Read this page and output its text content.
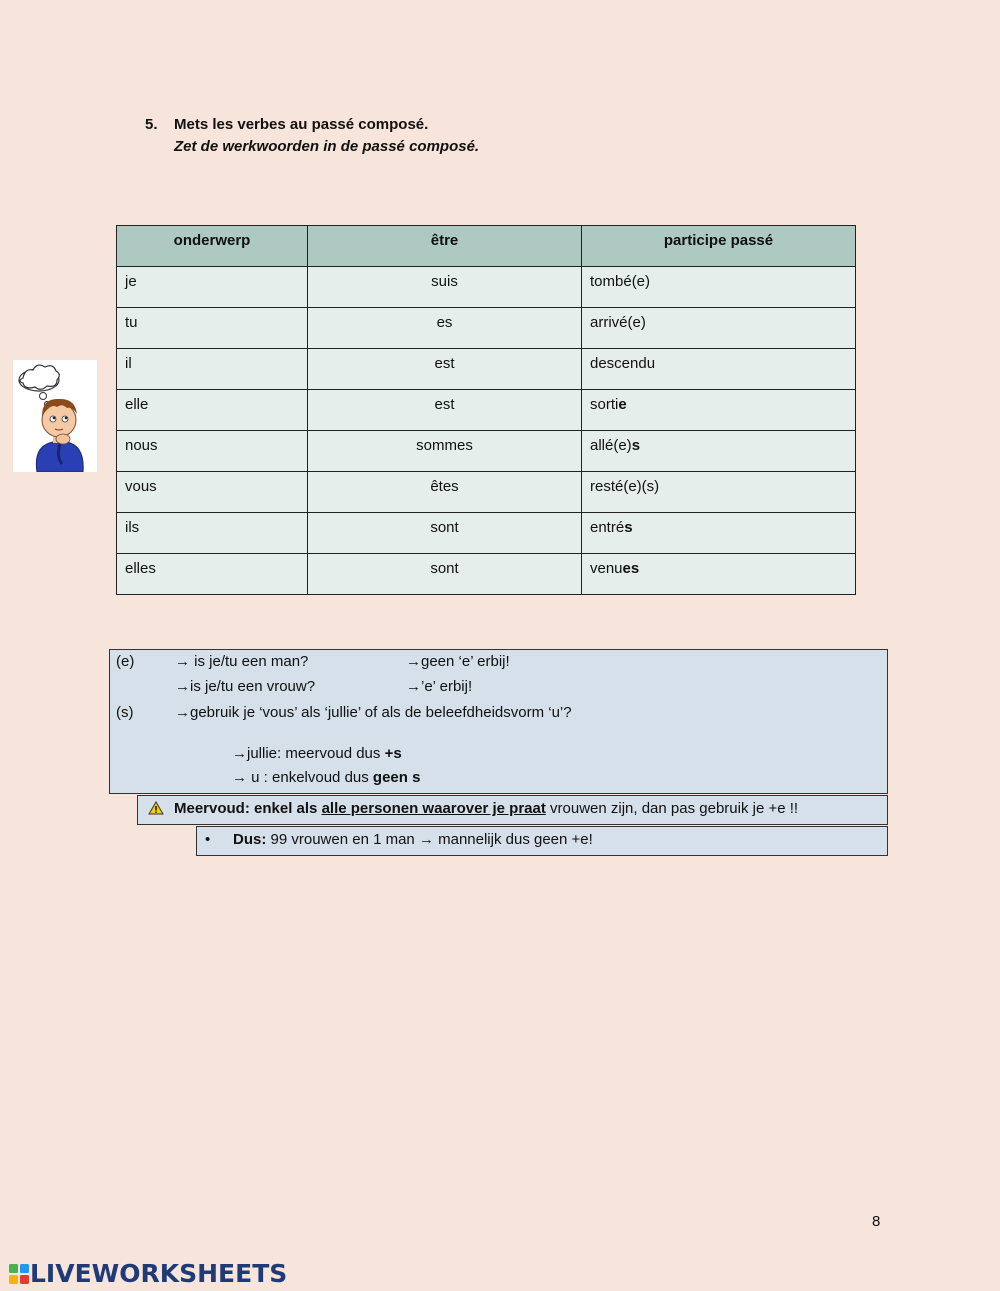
5. Mets les verbes au passé composé.
Zet de werkwoorden in de passé composé.
onderwerp	être	participe passé
je	suis	tombé(e)
tu	es	arrivé(e)
il	est	descendu
elle	est	sortie
nous	sommes	allé(e)s
vous	êtes	resté(e)(s)
ils	sont	entrés
elles	sont	venues
(e)	→ is je/tu een man?	→geen ‘e’ erbij!
→is je/tu een vrouw?	→’e’ erbij!
(s)	→gebruik je ‘vous’ als ‘jullie’ of als de beleefdheidsvorm ‘u’?
→jullie: meervoud dus +s
→ u : enkelvoud dus geen s
Meervoud: enkel als alle personen waarover je praat vrouwen zijn, dan pas gebruik je +e !!
• Dus: 99 vrouwen en 1 man → mannelijk dus geen +e!
8
LIVEWORKSHEETS
